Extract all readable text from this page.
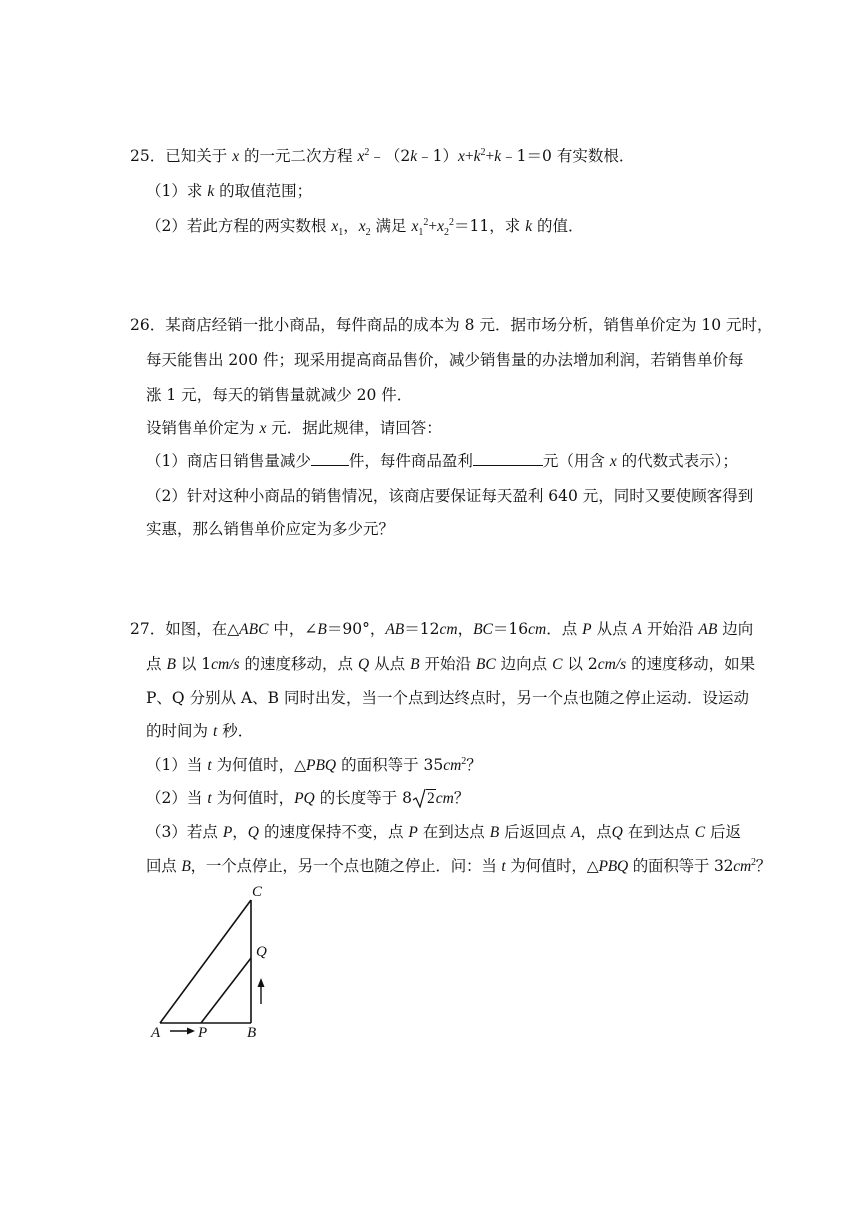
25．已知关于 x 的一元二次方程 $x^2﹣(2k﹣1)x+k^2+k﹣1=0$ 有实数根．
（1）求 k 的取值范围；
（2）若此方程的两实数根 $x_1$，$x_2$ 满足 $x_1^2+x_2^2=11$，求 k 的值．
26．某商店经销一批小商品，每件商品的成本为 8 元．据市场分析，销售单价定为 10 元时，
每天能售出 200 件；现采用提高商品售价，减少销售量的办法增加利润，若销售单价每
涨 1 元，每天的销售量就减少 20 件．
设销售单价定为 x 元．据此规律，请回答：
（1）商店日销售量减少 件，每件商品盈利	元（用含 x 的代数式表示）；
（2）针对这种小商品的销售情况，该商店要保证每天盈利 640 元，同时又要使顾客得到
实惠，那么销售单价应定为多少元？
27．如图，在△ABC 中，∠B＝90°，AB＝12cm，BC＝16cm．点 P 从点 A 开始沿 AB 边向
点 B 以 1cm/s 的速度移动，点 Q 从点 B 开始沿 BC 边向点 C 以 2cm/s 的速度移动，如果
P、Q 分别从 A、B 同时出发，当一个点到达终点时，另一个点也随之停止运动．设运动
的时间为 t 秒．
（1）当 t 为何值时，△PBQ 的面积等于 $35cm^2$？
（2）当 t 为何值时，PQ 的长度等于 8 2cm？
（3）若点 P，Q 的速度保持不变，点 P 在到达点 B 后返回点 A，点Q 在到达点 C 后返
回点 B，一个点停止，另一个点也随之停止．问：当 t 为何值时，△PBQ 的面积等于 $32cm^2$？
C
Q
A	P	B
